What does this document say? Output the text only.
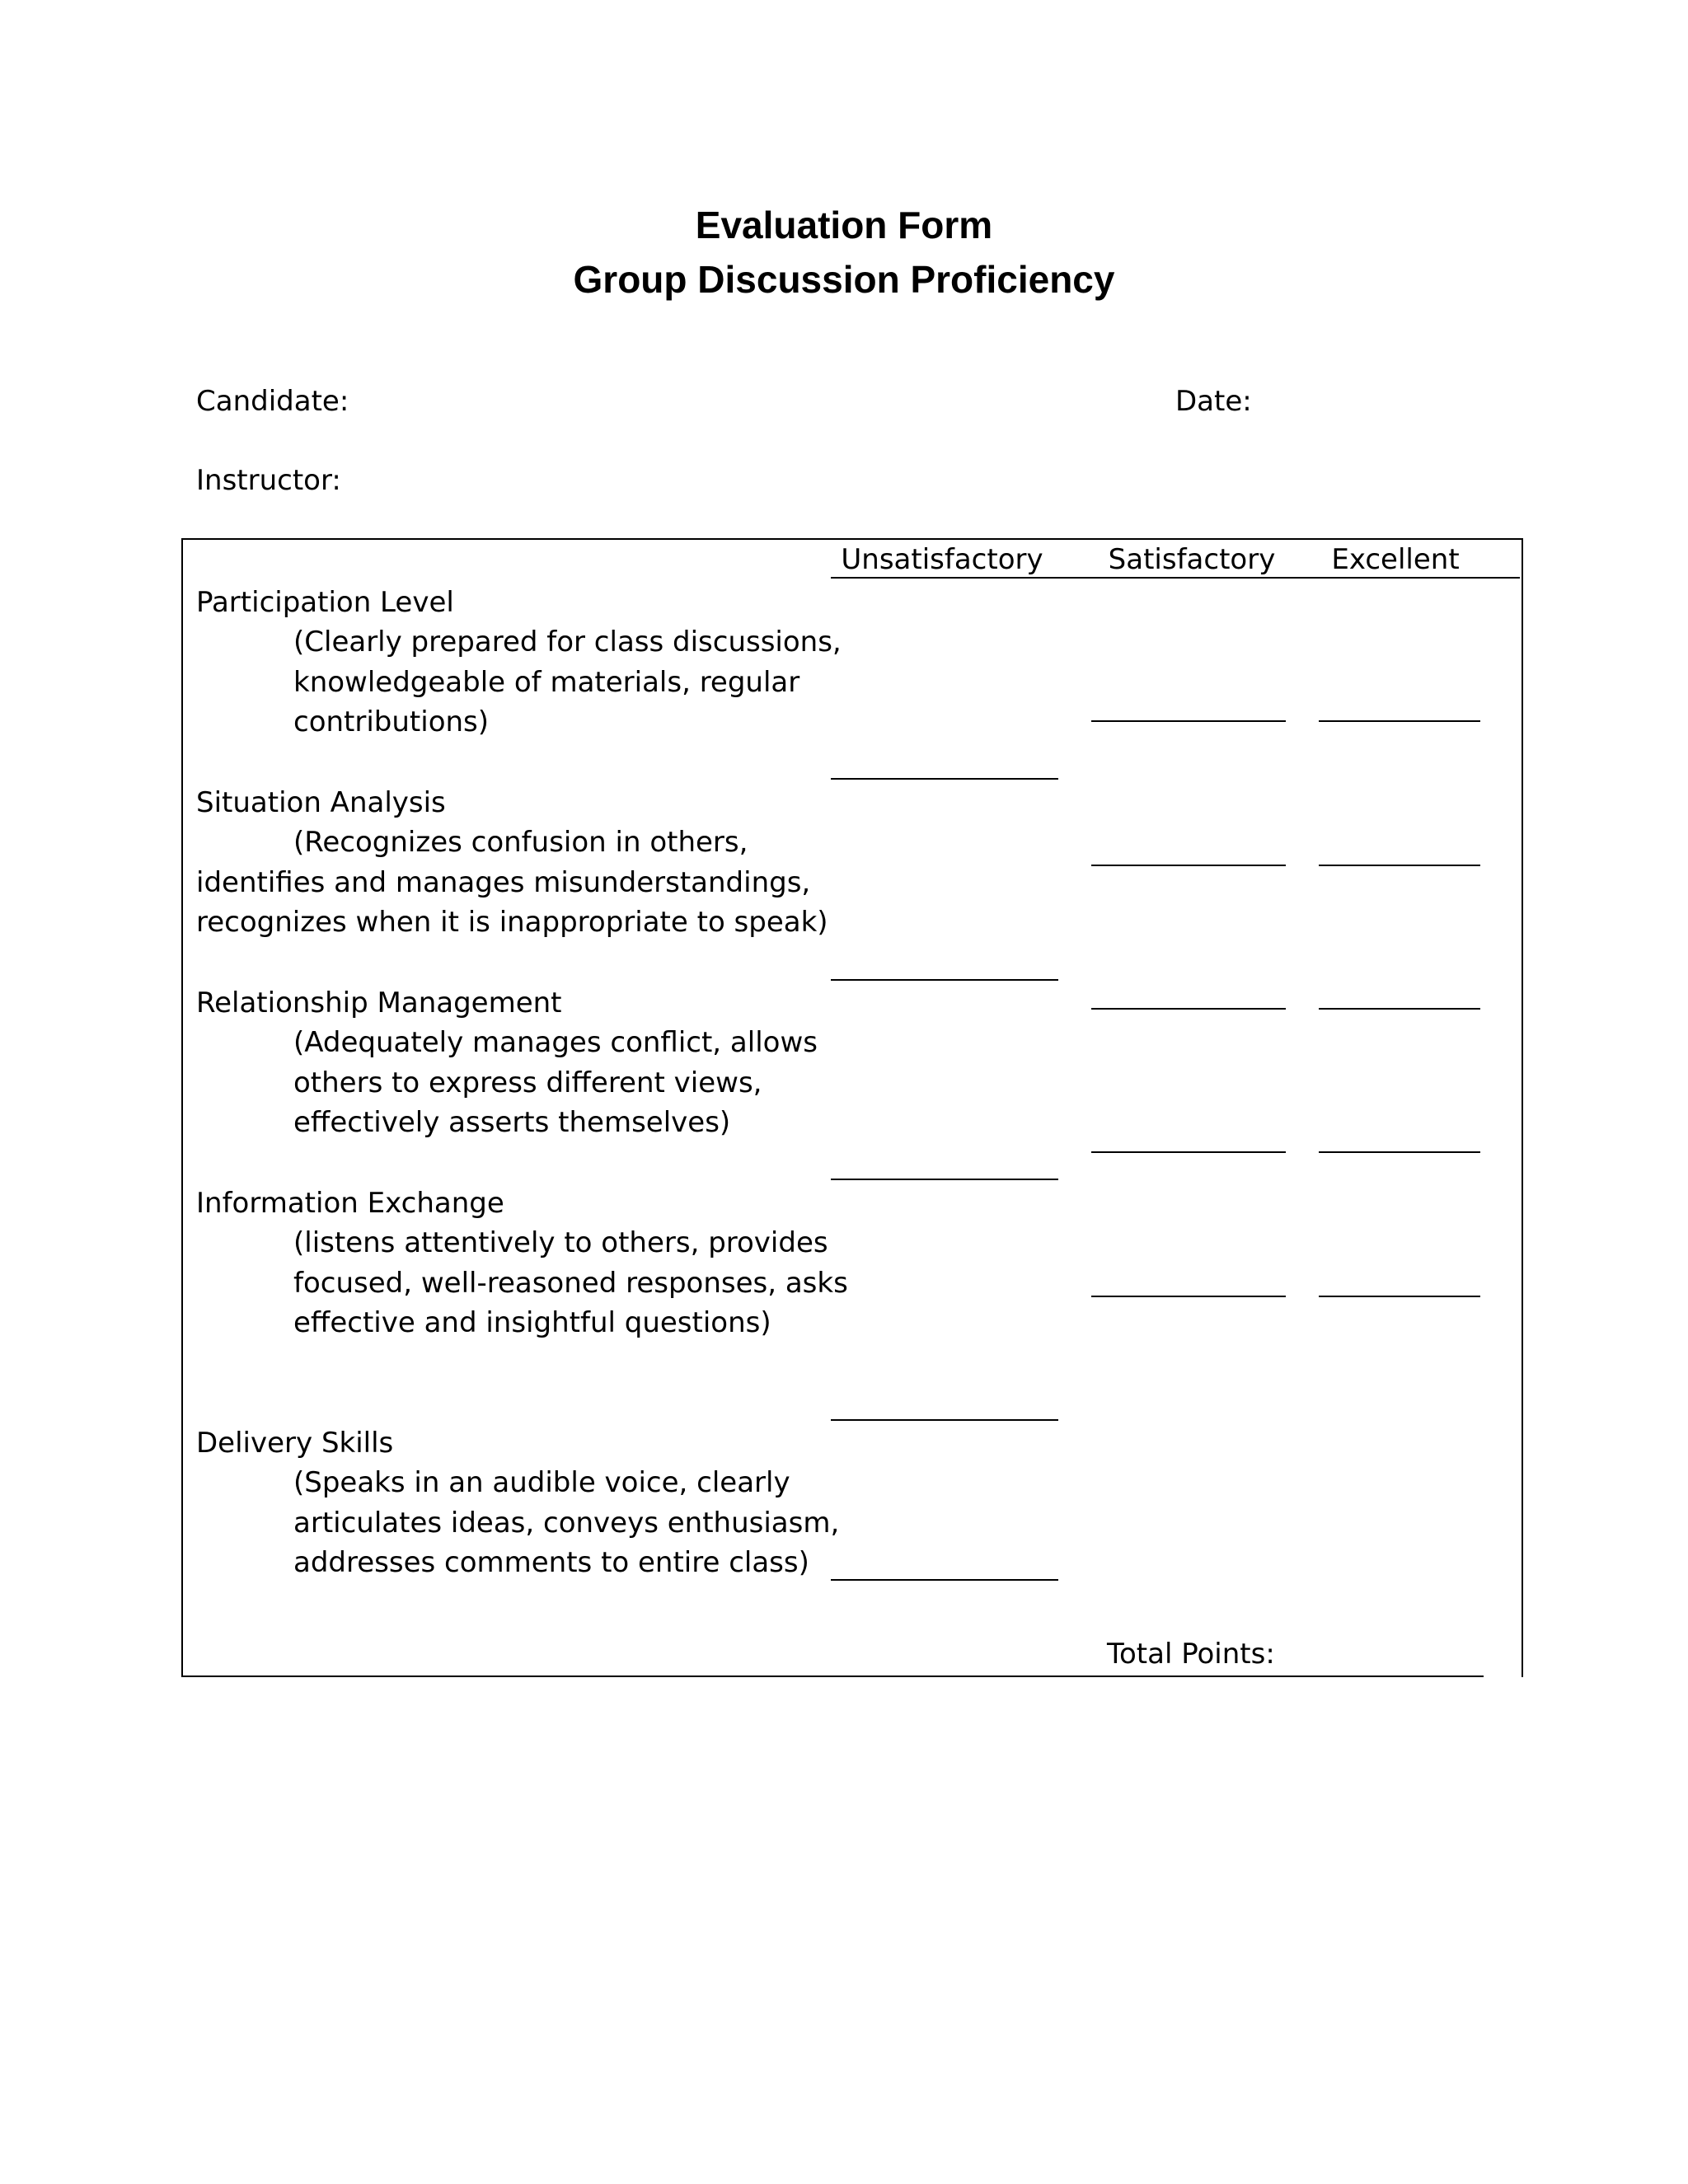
Evaluation Form
Group Discussion Proficiency
Candidate:	Date:
Instructor:
Unsatisfactory	Satisfactory	Excellent
Participation Level
(Clearly prepared for class discussions,
knowledgeable of materials, regular
contributions)
Situation Analysis
(Recognizes confusion in others,
identifies and manages misunderstandings,
recognizes when it is inappropriate to speak)
Relationship Management
(Adequately manages conflict, allows
others to express different views,
effectively asserts themselves)
Information Exchange
(listens attentively to others, provides
focused, well-reasoned responses, asks
effective and insightful questions)
Delivery Skills
(Speaks in an audible voice, clearly
articulates ideas, conveys enthusiasm,
addresses comments to entire class)
Total Points:
